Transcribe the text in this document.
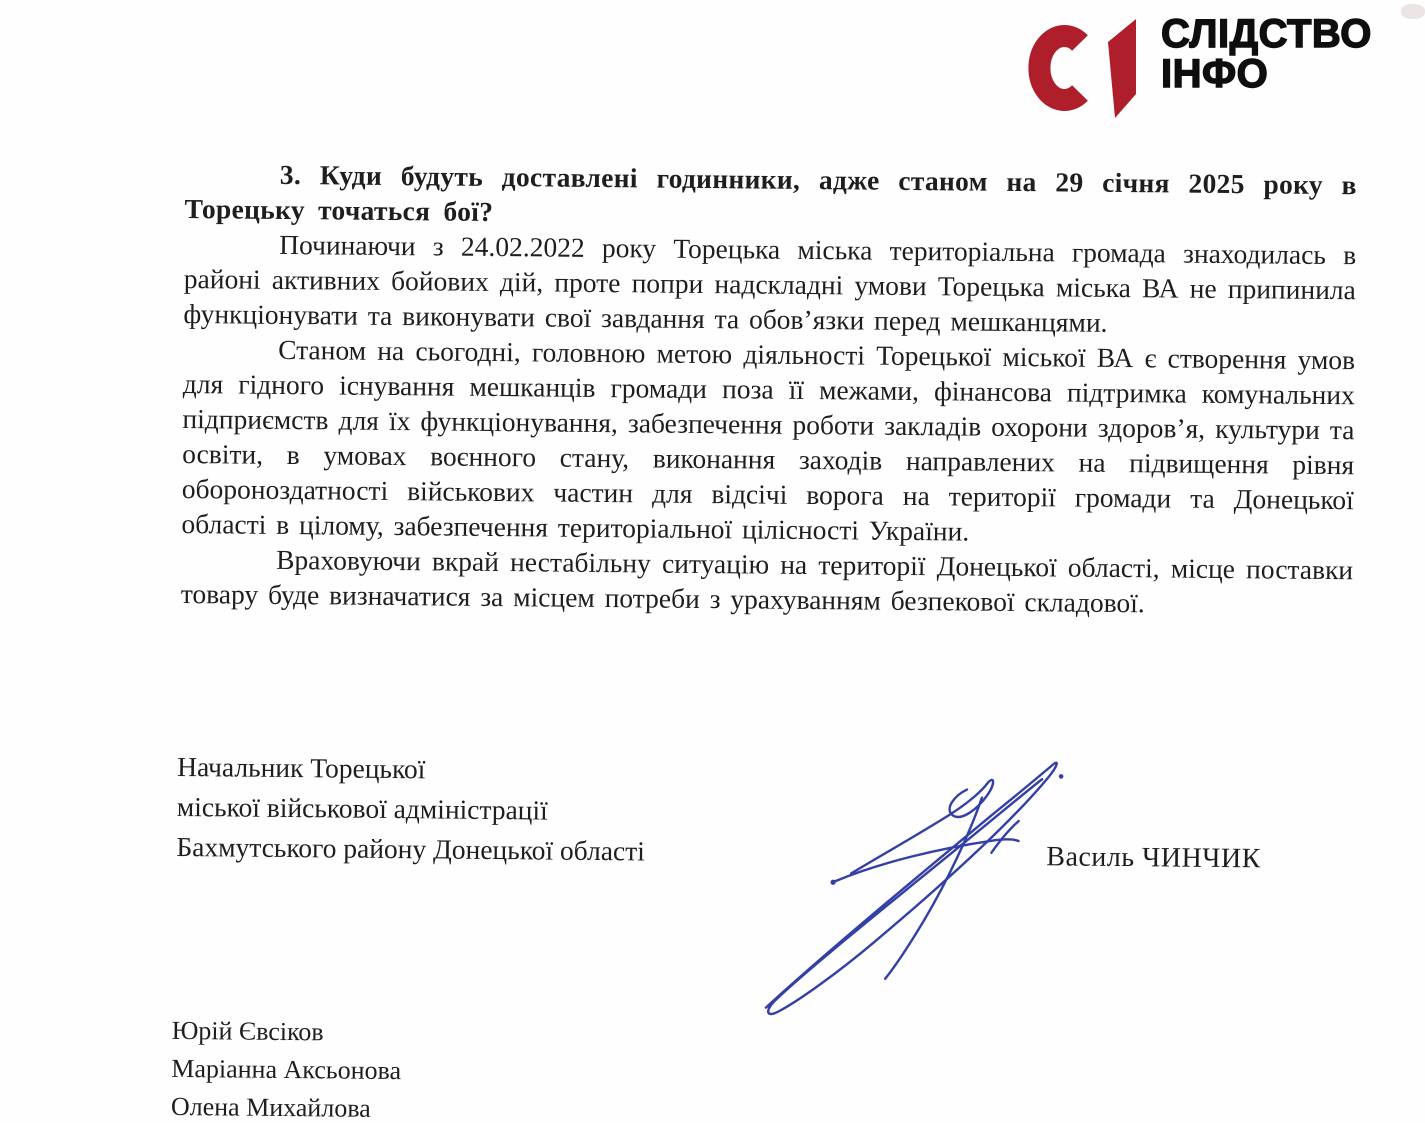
СЛІДСТВО
ІНФО

3. Куди будуть доставлені годинники, адже станом на 29 січня 2025 року в Торецьку точаться бої?

Починаючи з 24.02.2022 року Торецька міська територіальна громада знаходилась в районі активних бойових дій, проте попри надскладні умови Торецька міська ВА не припинила функціонувати та виконувати свої завдання та обов’язки перед мешканцями.

Станом на сьогодні, головною метою діяльності Торецької міської ВА є створення умов для гідного існування мешканців громади поза її межами, фінансова підтримка комунальних підприємств для їх функціонування, забезпечення роботи закладів охорони здоров’я, культури та освіти, в умовах воєнного стану, виконання заходів направлених на підвищення рівня обороноздатності військових частин для відсічі ворога на території громади та Донецької області в цілому, забезпечення територіальної цілісності України.

Враховуючи вкрай нестабільну ситуацію на території Донецької області, місце поставки товару буде визначатися за місцем потреби з урахуванням безпекової складової.

Начальник Торецької
міської військової адміністрації
Бахмутського району Донецької області	Василь ЧИНЧИК
Юрій Євсіков
Маріанна Аксьонова
Олена Михайлова
